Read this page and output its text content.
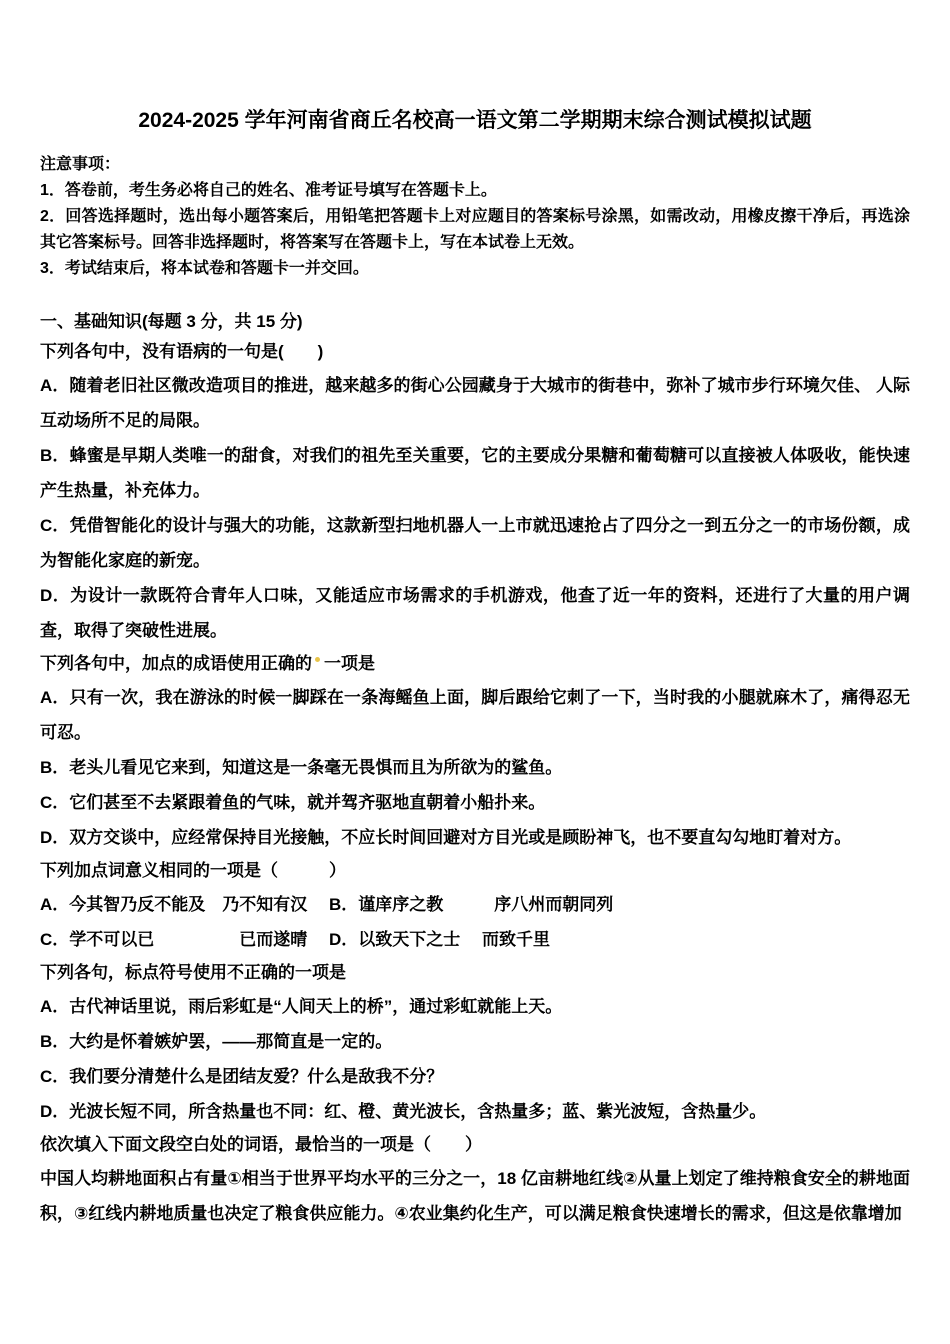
2024-2025 学年河南省商丘名校高一语文第二学期期末综合测试模拟试题

注意事项：

1．答卷前，考生务必将自己的姓名、准考证号填写在答题卡上。

2．回答选择题时，选出每小题答案后，用铅笔把答题卡上对应题目的答案标号涂黑，如需改动，用橡皮擦干净后，再选涂其它答案标号。回答非选择题时，将答案写在答题卡上，写在本试卷上无效。

3．考试结束后，将本试卷和答题卡一并交回。

一、基础知识(每题 3 分，共 15 分)

下列各句中，没有语病的一句是(　　)

A．随着老旧社区微改造项目的推进，越来越多的街心公园藏身于大城市的街巷中，弥补了城市步行环境欠佳、 人际互动场所不足的局限。

B．蜂蜜是早期人类唯一的甜食，对我们的祖先至关重要，它的主要成分果糖和葡萄糖可以直接被人体吸收，能快速产生热量，补充体力。

C．凭借智能化的设计与强大的功能，这款新型扫地机器人一上市就迅速抢占了四分之一到五分之一的市场份额，成为智能化家庭的新宠。

D．为设计一款既符合青年人口味，又能适应市场需求的手机游戏，他查了近一年的资料，还进行了大量的用户调查，取得了突破性进展。

下列各句中，加点的成语使用正确的　 一项是

A．只有一次，我在游泳的时候一脚踩在一条海鳐鱼上面，脚后跟给它刺了一下，当时我的小腿就麻木了，痛得忍无可忍。

B．老头儿看见它来到，知道这是一条毫无畏惧而且为所欲为的鲨鱼。

C．它们甚至不去紧跟着鱼的气味，就并驾齐驱地直朝着小船扑来。

D．双方交谈中，应经常保持目光接触，不应长时间回避对方目光或是顾盼神飞，也不要直勾勾地盯着对方。

下列加点词意义相同的一项是（　　　）

A．今其智乃反不能及　乃不知有汉　 B．谨庠序之教　　　序八州而朝同列

C．学不可以已　　　　　	已而遂晴　 D．以致天下之士　 而致千里

下列各句，标点符号使用不正确的一项是

A．古代神话里说，雨后彩虹是“人间天上的桥”，通过彩虹就能上天。

B．大约是怀着嫉妒罢，——那简直是一定的。

C．我们要分清楚什么是团结友爱？什么是敌我不分？

D．光波长短不同，所含热量也不同：红、橙、黄光波长，含热量多；蓝、紫光波短，含热量少。

依次填入下面文段空白处的词语，最恰当的一项是（　　）

中国人均耕地面积占有量①相当于世界平均水平的三分之一，18 亿亩耕地红线②从量上划定了维持粮食安全的耕地面积，③红线内耕地质量也决定了粮食供应能力。④农业集约化生产，可以满足粮食快速增长的需求，但这是依靠增加
